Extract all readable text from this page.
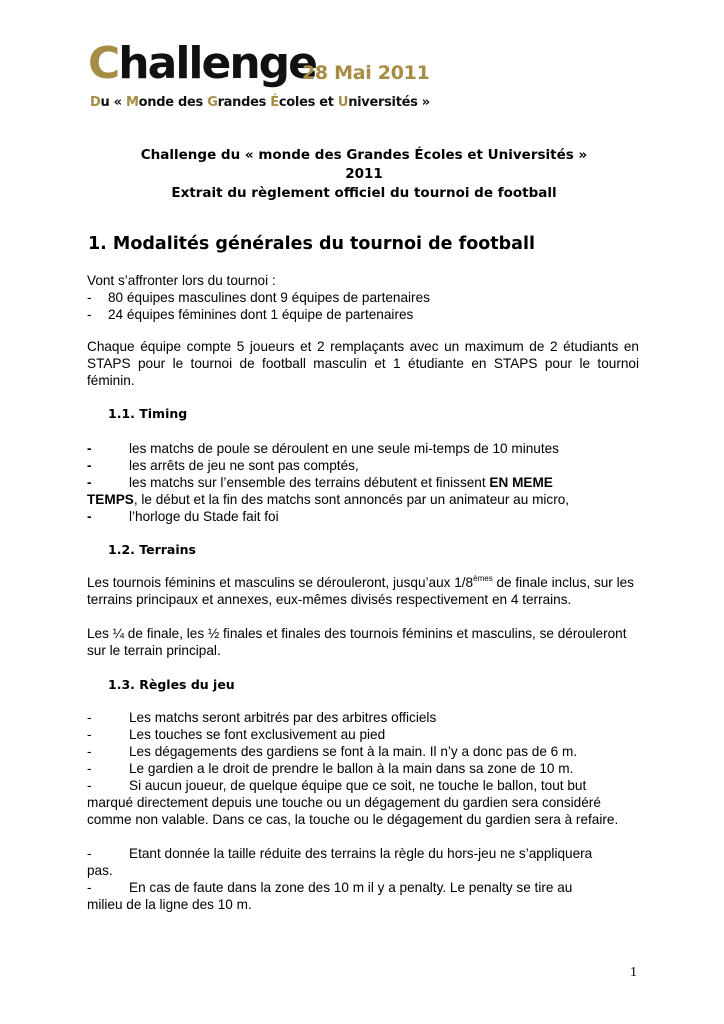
Challenge
28 Mai 2011
Du « Monde des Grandes Écoles et Universités »
Challenge du « monde des Grandes Écoles et Universités »
2011
Extrait du règlement officiel du tournoi de football
1. Modalités générales du tournoi de football
Vont s’affronter lors du tournoi :
- 80 équipes masculines dont 9 équipes de partenaires
- 24 équipes féminines dont 1 équipe de partenaires
Chaque équipe compte 5 joueurs et 2 remplaçants avec un maximum de 2 étudiants en STAPS pour le tournoi de football masculin et 1 étudiante en STAPS pour le tournoi féminin.
1.1. Timing
-	les matchs de poule se déroulent en une seule mi-temps de 10 minutes
-	les arrêts de jeu ne sont pas comptés,
-	les matchs sur l’ensemble des terrains débutent et finissent EN MEME
TEMPS, le début et la fin des matchs sont annoncés par un animateur au micro,
-	l’horloge du Stade fait foi
1.2. Terrains
Les tournois féminins et masculins se dérouleront, jusqu’aux 1/8èmes de finale inclus, sur les terrains principaux et annexes, eux-mêmes divisés respectivement en 4 terrains.
Les ¼ de finale, les ½ finales et finales des tournois féminins et masculins, se dérouleront sur le terrain principal.
1.3. Règles du jeu
-	Les matchs seront arbitrés par des arbitres officiels
-	Les touches se font exclusivement au pied
-	Les dégagements des gardiens se font à la main. Il n’y a donc pas de 6 m.
-	Le gardien a le droit de prendre le ballon à la main dans sa zone de 10 m.
-	Si aucun joueur, de quelque équipe que ce soit, ne touche le ballon, tout but
marqué directement depuis une touche ou un dégagement du gardien sera considéré comme non valable. Dans ce cas, la touche ou le dégagement du gardien sera à refaire.
-	Etant donnée la taille réduite des terrains la règle du hors-jeu ne s’appliquera
pas.
-	En cas de faute dans la zone des 10 m il y a penalty. Le penalty se tire au
milieu de la ligne des 10 m.
1
